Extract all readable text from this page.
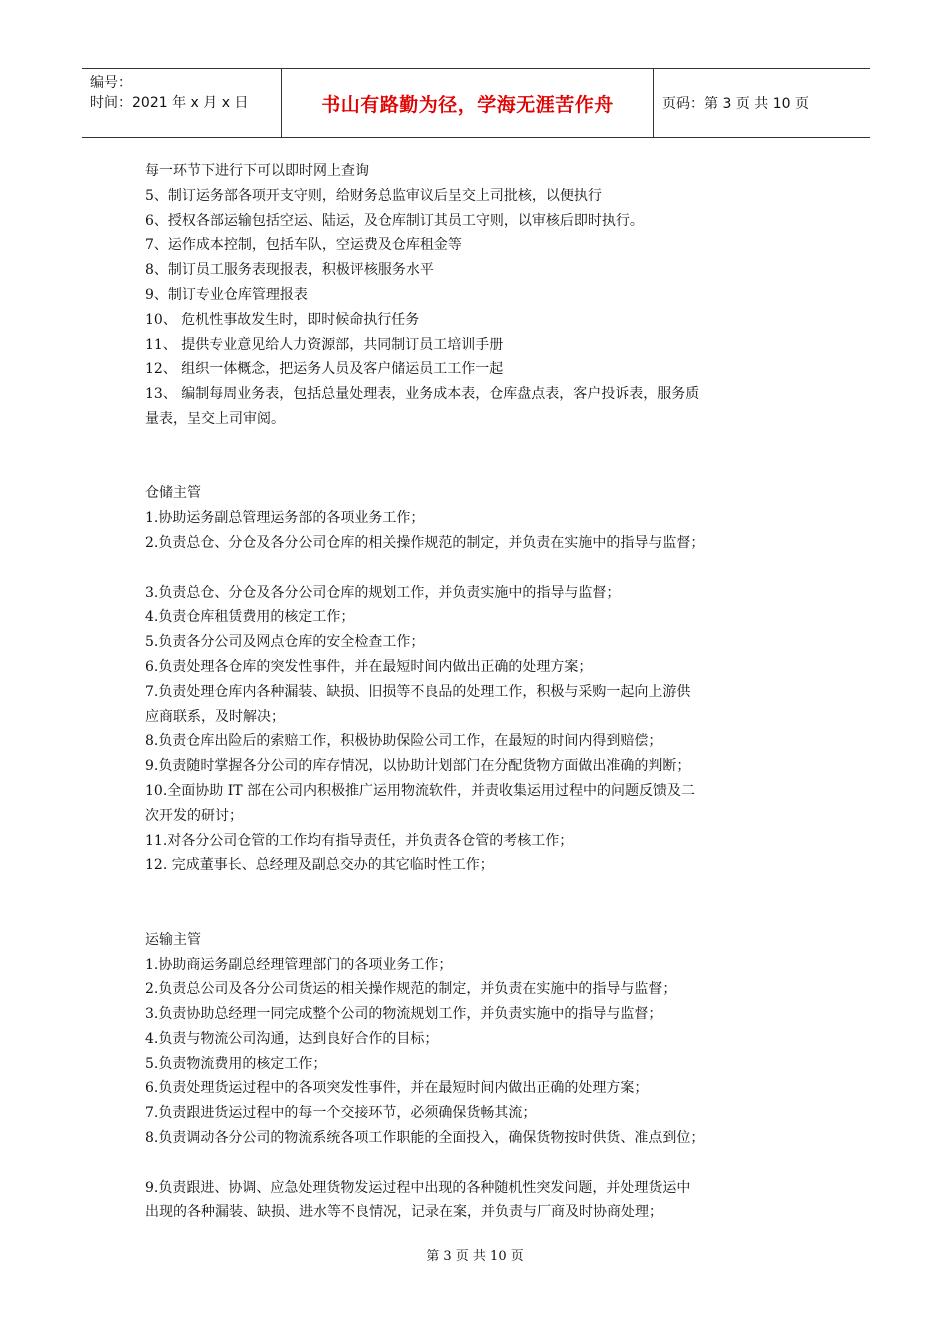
编号：
时间：2021 年 x 月 x 日	书山有路勤为径，学海无涯苦作舟	页码：第 3 页 共 10 页

每一环节下进行下可以即时网上查询

5、制订运务部各项开支守则，给财务总监审议后呈交上司批核，以便执行

6、授权各部运输包括空运、陆运，及仓库制订其员工守则，以审核后即时执行。

7、运作成本控制，包括车队，空运费及仓库租金等

8、制订员工服务表现报表，积极评核服务水平

9、制订专业仓库管理报表

10、 危机性事故发生时，即时候命执行任务

11、 提供专业意见给人力资源部，共同制订员工培训手册

12、 组织一体概念，把运务人员及客户储运员工工作一起

13、 编制每周业务表，包括总量处理表，业务成本表，仓库盘点表，客户投诉表，服务质

量表，呈交上司审阅。

仓储主管

1.协助运务副总管理运务部的各项业务工作；

2.负责总仓、分仓及各分公司仓库的相关操作规范的制定，并负责在实施中的指导与监督；

3.负责总仓、分仓及各分公司仓库的规划工作，并负责实施中的指导与监督；

4.负责仓库租赁费用的核定工作；

5.负责各分公司及网点仓库的安全检查工作；

6.负责处理各仓库的突发性事件，并在最短时间内做出正确的处理方案；

7.负责处理仓库内各种漏装、缺损、旧损等不良品的处理工作，积极与采购一起向上游供

应商联系，及时解决；

8.负责仓库出险后的索赔工作，积极协助保险公司工作，在最短的时间内得到赔偿；

9.负责随时掌握各分公司的库存情况，以协助计划部门在分配货物方面做出准确的判断；

10.全面协助 IT 部在公司内积极推广运用物流软件，并责收集运用过程中的问题反馈及二

次开发的研讨；

11.对各分公司仓管的工作均有指导责任，并负责各仓管的考核工作；

12. 完成董事长、总经理及副总交办的其它临时性工作；

运输主管

1.协助商运务副总经理管理部门的各项业务工作；

2.负责总公司及各分公司货运的相关操作规范的制定，并负责在实施中的指导与监督；

3.负责协助总经理一同完成整个公司的物流规划工作，并负责实施中的指导与监督；

4.负责与物流公司沟通，达到良好合作的目标；

5.负责物流费用的核定工作；

6.负责处理货运过程中的各项突发性事件，并在最短时间内做出正确的处理方案；

7.负责跟进货运过程中的每一个交接环节，必须确保货畅其流；

8.负责调动各分公司的物流系统各项工作职能的全面投入，确保货物按时供货、准点到位；

9.负责跟进、协调、应急处理货物发运过程中出现的各种随机性突发问题，并处理货运中

出现的各种漏装、缺损、进水等不良情况，记录在案，并负责与厂商及时协商处理；

第 3 页 共 10 页
